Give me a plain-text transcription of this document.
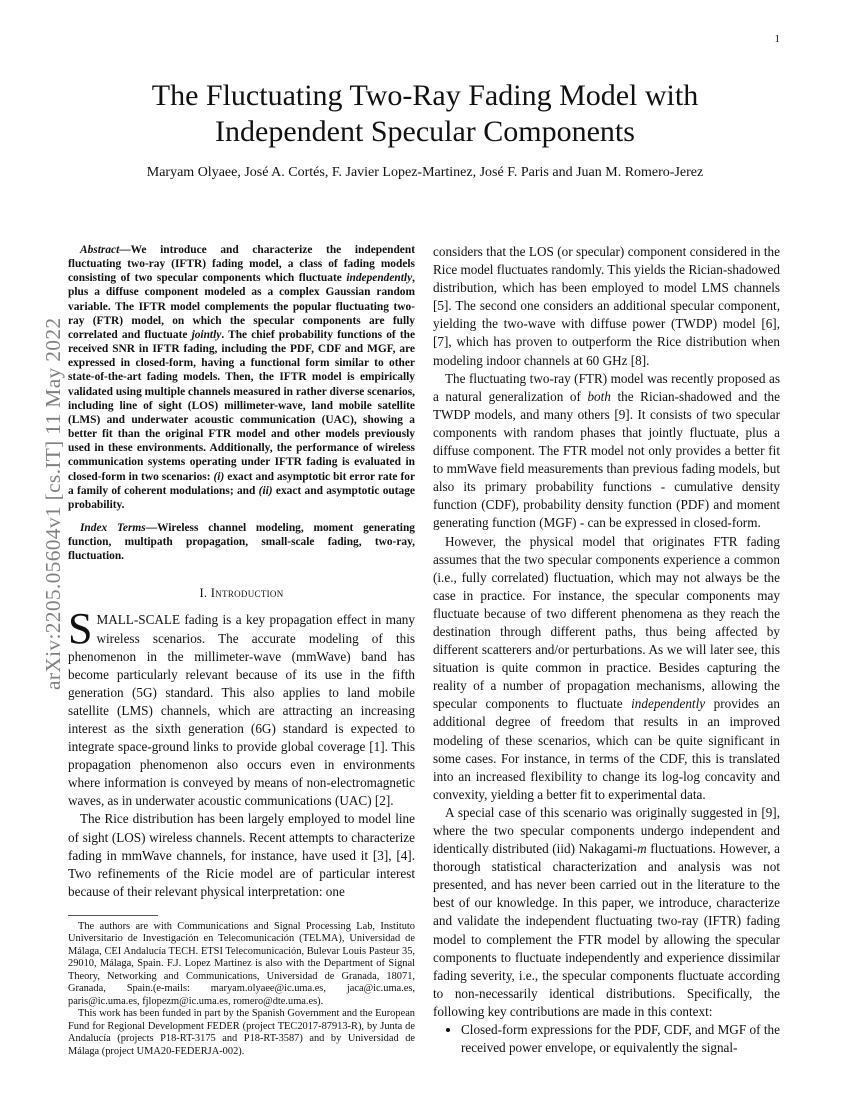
1
arXiv:2205.05604v1 [cs.IT] 11 May 2022
The Fluctuating Two-Ray Fading Model with
Independent Specular Components
Maryam Olyaee, José A. Cortés, F. Javier Lopez-Martinez, José F. Paris and Juan M. Romero-Jerez

Abstract—We introduce and characterize the independent fluctuating two-ray (IFTR) fading model, a class of fading models consisting of two specular components which fluctuate independently, plus a diffuse component modeled as a complex Gaussian random variable. The IFTR model complements the popular fluctuating two-ray (FTR) model, on which the specular components are fully correlated and fluctuate jointly. The chief probability functions of the received SNR in IFTR fading, including the PDF, CDF and MGF, are expressed in closed-form, having a functional form similar to other state-of-the-art fading models. Then, the IFTR model is empirically validated using multiple channels measured in rather diverse scenarios, including line of sight (LOS) millimeter-wave, land mobile satellite (LMS) and underwater acoustic communication (UAC), showing a better fit than the original FTR model and other models previously used in these environments. Additionally, the performance of wireless communication systems operating under IFTR fading is evaluated in closed-form in two scenarios: (i) exact and asymptotic bit error rate for a family of coherent modulations; and (ii) exact and asymptotic outage probability.

Index Terms—Wireless channel modeling, moment generating function, multipath propagation, small-scale fading, two-ray, fluctuation.

I. Introduction

SMALL-SCALE fading is a key propagation effect in many wireless scenarios. The accurate modeling of this phenomenon in the millimeter-wave (mmWave) band has become particularly relevant because of its use in the fifth generation (5G) standard. This also applies to land mobile satellite (LMS) channels, which are attracting an increasing interest as the sixth generation (6G) standard is expected to integrate space-ground links to provide global coverage [1]. This propagation phenomenon also occurs even in environments where information is conveyed by means of non-electromagnetic waves, as in underwater acoustic communications (UAC) [2].

The Rice distribution has been largely employed to model line of sight (LOS) wireless channels. Recent attempts to characterize fading in mmWave channels, for instance, have used it [3], [4]. Two refinements of the Ricie model are of particular interest because of their relevant physical interpretation: one

The authors are with Communications and Signal Processing Lab, Instituto Universitario de Investigación en Telecomunicación (TELMA), Universidad de Málaga, CEI Andalucía TECH. ETSI Telecomunicación, Bulevar Louis Pasteur 35, 29010, Málaga, Spain. F.J. Lopez Martinez is also with the Department of Signal Theory, Networking and Communications, Universidad de Granada, 18071, Granada, Spain.(e-mails: maryam.olyaee@ic.uma.es, jaca@ic.uma.es, paris@ic.uma.es, fjlopezm@ic.uma.es, romero@dte.uma.es).

This work has been funded in part by the Spanish Government and the European Fund for Regional Development FEDER (project TEC2017-87913-R), by Junta de Andalucía (projects P18-RT-3175 and P18-RT-3587) and by Universidad de Málaga (project UMA20-FEDERJA-002).

considers that the LOS (or specular) component considered in the Rice model fluctuates randomly. This yields the Rician-shadowed distribution, which has been employed to model LMS channels [5]. The second one considers an additional specular component, yielding the two-wave with diffuse power (TWDP) model [6], [7], which has proven to outperform the Rice distribution when modeling indoor channels at 60 GHz [8].

The fluctuating two-ray (FTR) model was recently proposed as a natural generalization of both the Rician-shadowed and the TWDP models, and many others [9]. It consists of two specular components with random phases that jointly fluctuate, plus a diffuse component. The FTR model not only provides a better fit to mmWave field measurements than previous fading models, but also its primary probability functions - cumulative density function (CDF), probability density function (PDF) and moment generating function (MGF) - can be expressed in closed-form.

However, the physical model that originates FTR fading assumes that the two specular components experience a common (i.e., fully correlated) fluctuation, which may not always be the case in practice. For instance, the specular components may fluctuate because of two different phenomena as they reach the destination through different paths, thus being affected by different scatterers and/or perturbations. As we will later see, this situation is quite common in practice. Besides capturing the reality of a number of propagation mechanisms, allowing the specular components to fluctuate independently provides an additional degree of freedom that results in an improved modeling of these scenarios, which can be quite significant in some cases. For instance, in terms of the CDF, this is translated into an increased flexibility to change its log-log concavity and convexity, yielding a better fit to experimental data.

A special case of this scenario was originally suggested in [9], where the two specular components undergo independent and identically distributed (iid) Nakagami-m fluctuations. However, a thorough statistical characterization and analysis was not presented, and has never been carried out in the literature to the best of our knowledge. In this paper, we introduce, characterize and validate the independent fluctuating two-ray (IFTR) fading model to complement the FTR model by allowing the specular components to fluctuate independently and experience dissimilar fading severity, i.e., the specular components fluctuate according to non-necessarily identical distributions. Specifically, the following key contributions are made in this context:

• Closed-form expressions for the PDF, CDF, and MGF of the received power envelope, or equivalently the signal-
